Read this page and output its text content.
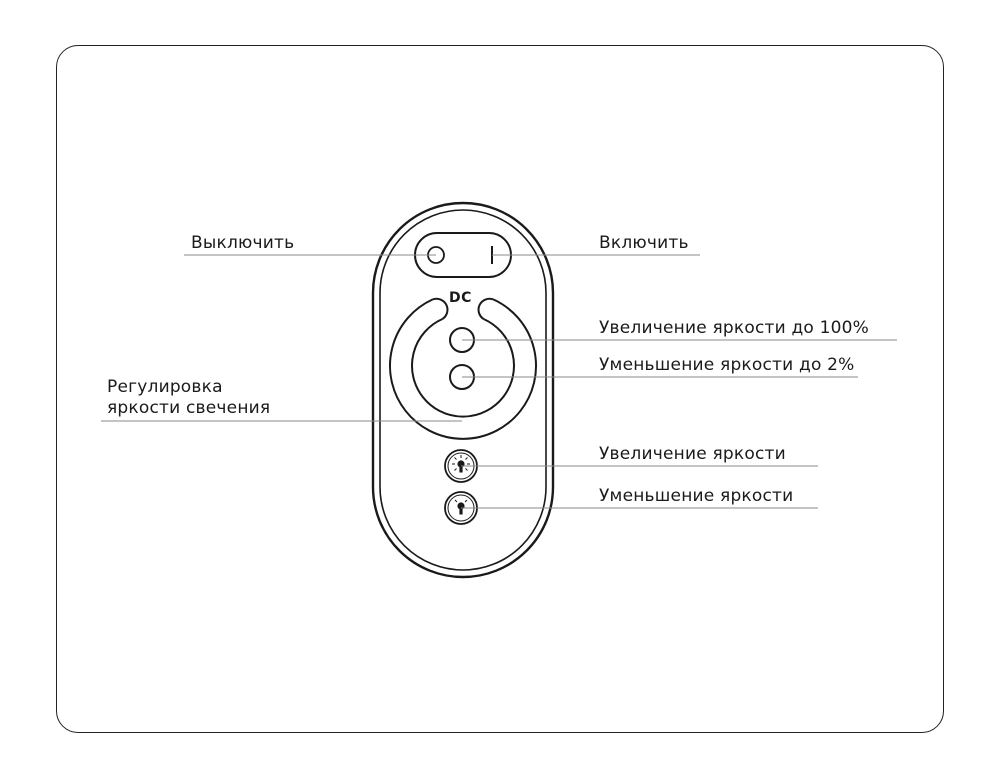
DC
Выключить	Включить
Увеличение яркости до 100%
Уменьшение яркости до 2%
Регулировка
яркости свечения
Увеличение яркости
Уменьшение яркости
